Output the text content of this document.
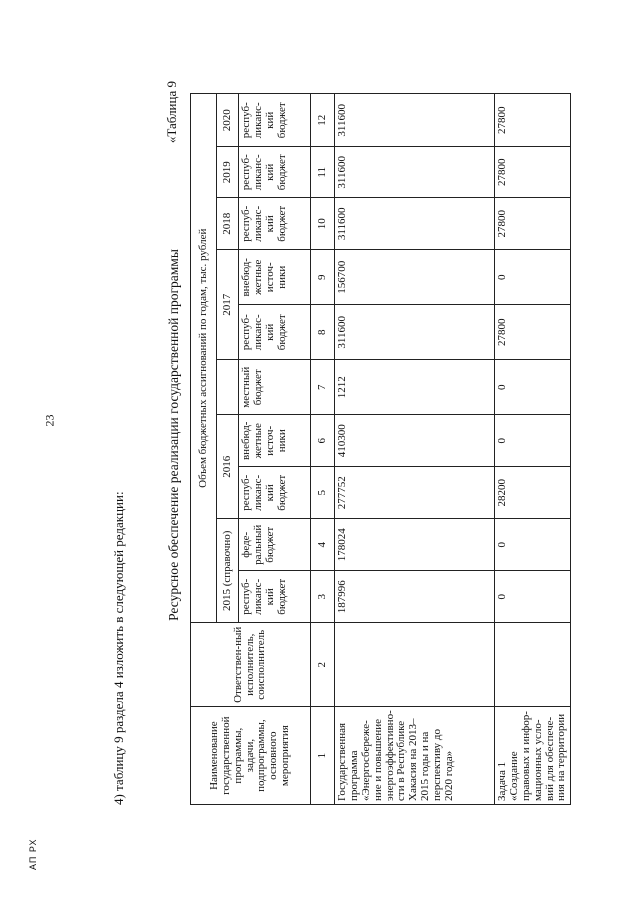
23
АП РХ
4) таблицу 9 раздела 4 изложить в следующей редакции:
«Таблица 9
Ресурсное обеспечение реализации государственной программы
Наименование государственной программы, задачи, подпрограммы, основного мероприятия	Ответствен-ный исполнитель, соисполнитель	Объем бюджетных ассигнований по годам, тыс. рублей									
		2015 (справочно)		2016			2017		2018	2019	2020
		респуб-ликанс-кий бюджет	феде-ральный бюджет	респуб-ликанс-кий бюджет	внебюд-жетные источ-ники	местный бюджет	респуб-ликанс-кий бюджет	внебюд-жетные источ-ники	респуб-ликанс-кий бюджет	респуб-ликанс-кий бюджет	респуб-ликанс-кий бюджет
1	2	3	4	5	6	7	8	9	10	11	12
Государственная программа «Энергосбереже-ние и повышение энергоэффективно-сти в Республике Хакасия на 2013–2015 годы и на перспективу до 2020 года»		187996	178024	277752	410300	1212	311600	156700	311600	311600	311600
Задача 1 «Создание правовых и инфор-мационных усло-вий для обеспече-ния на территории		0	0	28200	0	0	27800	0	27800	27800	27800
